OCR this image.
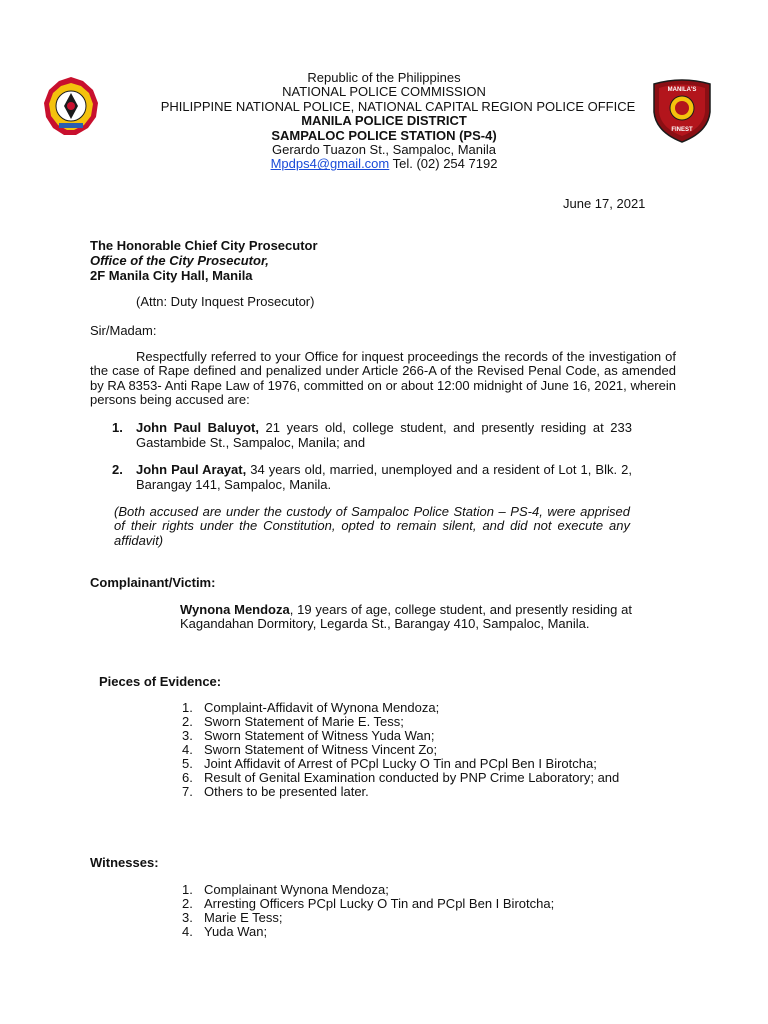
MANILA'S
FINEST
Republic of the Philippines
NATIONAL POLICE COMMISSION
PHILIPPINE NATIONAL POLICE, NATIONAL CAPITAL REGION POLICE OFFICE
MANILA POLICE DISTRICT
SAMPALOC POLICE STATION (PS-4)
Gerardo Tuazon St., Sampaloc, Manila
Mpdps4@gmail.com Tel. (02) 254 7192
June 17, 2021
The Honorable Chief City Prosecutor
Office of the City Prosecutor,
2F Manila City Hall, Manila
(Attn: Duty Inquest Prosecutor)
Sir/Madam:
Respectfully referred to your Office for inquest proceedings the records of the investigation of the case of Rape defined and penalized under Article 266-A of the Revised Penal Code, as amended by RA 8353- Anti Rape Law of 1976, committed on or about 12:00 midnight of June 16, 2021, wherein persons being accused are:
1.	John Paul Baluyot, 21 years old, college student, and presently residing at 233 Gastambide St., Sampaloc, Manila; and
2.	John Paul Arayat, 34 years old, married, unemployed and a resident of Lot 1, Blk. 2, Barangay 141, Sampaloc, Manila.
(Both accused are under the custody of Sampaloc Police Station – PS-4, were apprised of their rights under the Constitution, opted to remain silent, and did not execute any affidavit)
Complainant/Victim:
Wynona Mendoza, 19 years of age, college student, and presently residing at Kagandahan Dormitory, Legarda St., Barangay 410, Sampaloc, Manila.
Pieces of Evidence:
1. Complaint-Affidavit of Wynona Mendoza;
2. Sworn Statement of Marie E. Tess;
3. Sworn Statement of Witness Yuda Wan;
4. Sworn Statement of Witness Vincent Zo;
5. Joint Affidavit of Arrest of PCpl Lucky O Tin and PCpl Ben I Birotcha;
6. Result of Genital Examination conducted by PNP Crime Laboratory; and
7. Others to be presented later.
Witnesses:
1. Complainant Wynona Mendoza;
2. Arresting Officers PCpl Lucky O Tin and PCpl Ben I Birotcha;
3. Marie E Tess;
4. Yuda Wan;
